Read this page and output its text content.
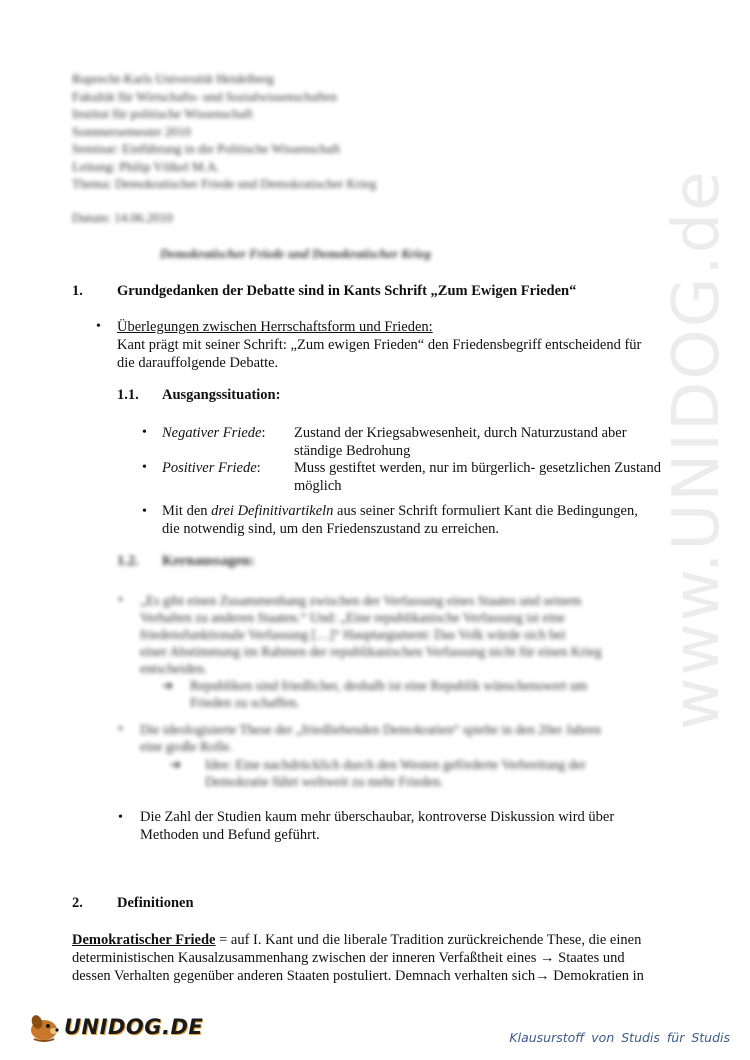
www.UNIDOG.de
Ruprecht-Karls Universität Heidelberg
Fakultät für Wirtschafts- und Sozialwissenschaften
Institut für politische Wissenschaft
Sommersemester 2010
Seminar: Einführung in die Politische Wissenschaft
Leitung: Philip Völkel M.A.
Thema: Demokratischer Friede und Demokratischer Krieg
Datum: 14.06.2010
Demokratischer Friede und Demokratischer Krieg
1. Grundgedanken der Debatte sind in Kants Schrift „Zum Ewigen Frieden“
• Überlegungen zwischen Herrschaftsform und Frieden:
Kant prägt mit seiner Schrift: „Zum ewigen Frieden“ den Friedensbegriff entscheidend für
die darauffolgende Debatte.
1.1. Ausgangssituation:
• Negativer Friede: Zustand der Kriegsabwesenheit, durch Naturzustand aber
ständige Bedrohung
• Positiver Friede: Muss gestiftet werden, nur im bürgerlich- gesetzlichen Zustand
möglich
• Mit den drei Definitivartikeln aus seiner Schrift formuliert Kant die Bedingungen,
die notwendig sind, um den Friedenszustand zu erreichen.
1.2. Kernaussagen:
• „Es gibt einen Zusammenhang zwischen der Verfassung eines Staates und seinem
Verhalten zu anderen Staaten.“ Und: „Eine republikanische Verfassung ist eine
friedensfunktionale Verfassung […]“ Hauptargument: Das Volk würde sich bei
einer Abstimmung im Rahmen der republikanischen Verfassung nicht für einen Krieg
entscheiden.
➔ Republiken sind friedlicher, deshalb ist eine Republik wünschenswert um
Frieden zu schaffen.
• Die ideologisierte These der „friedliebenden Demokratien“ spielte in den 20er Jahren
eine große Rolle.
➔ Idee: Eine nachdrücklich durch den Westen geförderte Verbreitung der
Demokratie führt weltweit zu mehr Frieden.
• Die Zahl der Studien kaum mehr überschaubar, kontroverse Diskussion wird über
Methoden und Befund geführt.
2. Definitionen
Demokratischer Friede = auf I. Kant und die liberale Tradition zurückreichende These, die einen
deterministischen Kausalzusammenhang zwischen der inneren Verfaßtheit eines → Staates und
dessen Verhalten gegenüber anderen Staaten postuliert. Demnach verhalten sich→ Demokratien in
UNIDOG.DE	Klausurstoff von Studis für Studis
